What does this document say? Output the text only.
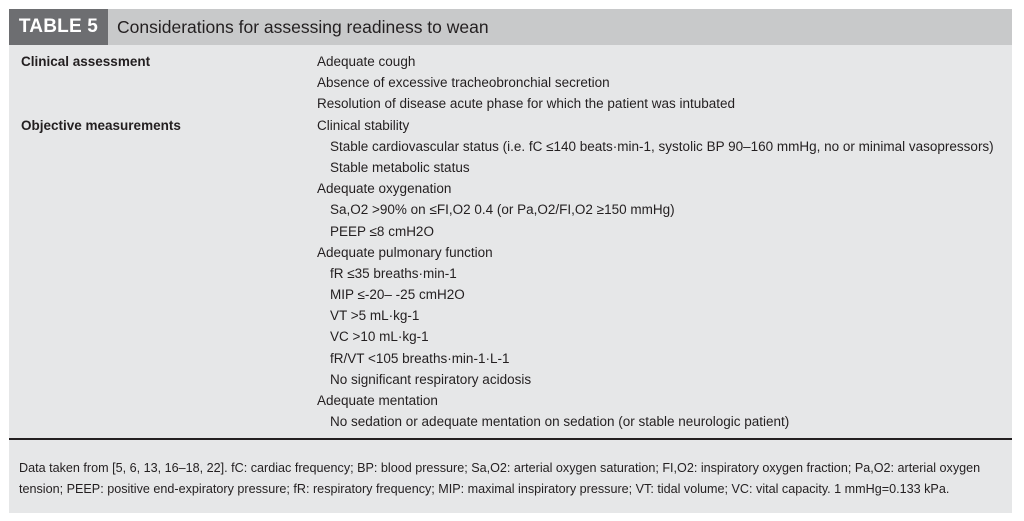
TABLE 5	Considerations for assessing readiness to wean
Clinical assessment	Adequate cough
Absence of excessive tracheobronchial secretion
Resolution of disease acute phase for which the patient was intubated
Objective measurements	Clinical stability
Stable cardiovascular status (i.e. fC ≤140 beats·min-1, systolic BP 90–160 mmHg, no or minimal vasopressors)
Stable metabolic status
Adequate oxygenation
Sa,O2 >90% on ≤FI,O2 0.4 (or Pa,O2/FI,O2 ≥150 mmHg)
PEEP ≤8 cmH2O
Adequate pulmonary function
fR ≤35 breaths·min-1
MIP ≤-20– -25 cmH2O
VT >5 mL·kg-1
VC >10 mL·kg-1
fR/VT <105 breaths·min-1·L-1
No significant respiratory acidosis
Adequate mentation
No sedation or adequate mentation on sedation (or stable neurologic patient)
Data taken from [5, 6, 13, 16–18, 22]. fC: cardiac frequency; BP: blood pressure; Sa,O2: arterial oxygen saturation; FI,O2: inspiratory oxygen fraction; Pa,O2: arterial oxygen tension; PEEP: positive end-expiratory pressure; fR: respiratory frequency; MIP: maximal inspiratory pressure; VT: tidal volume; VC: vital capacity. 1 mmHg=0.133 kPa.
